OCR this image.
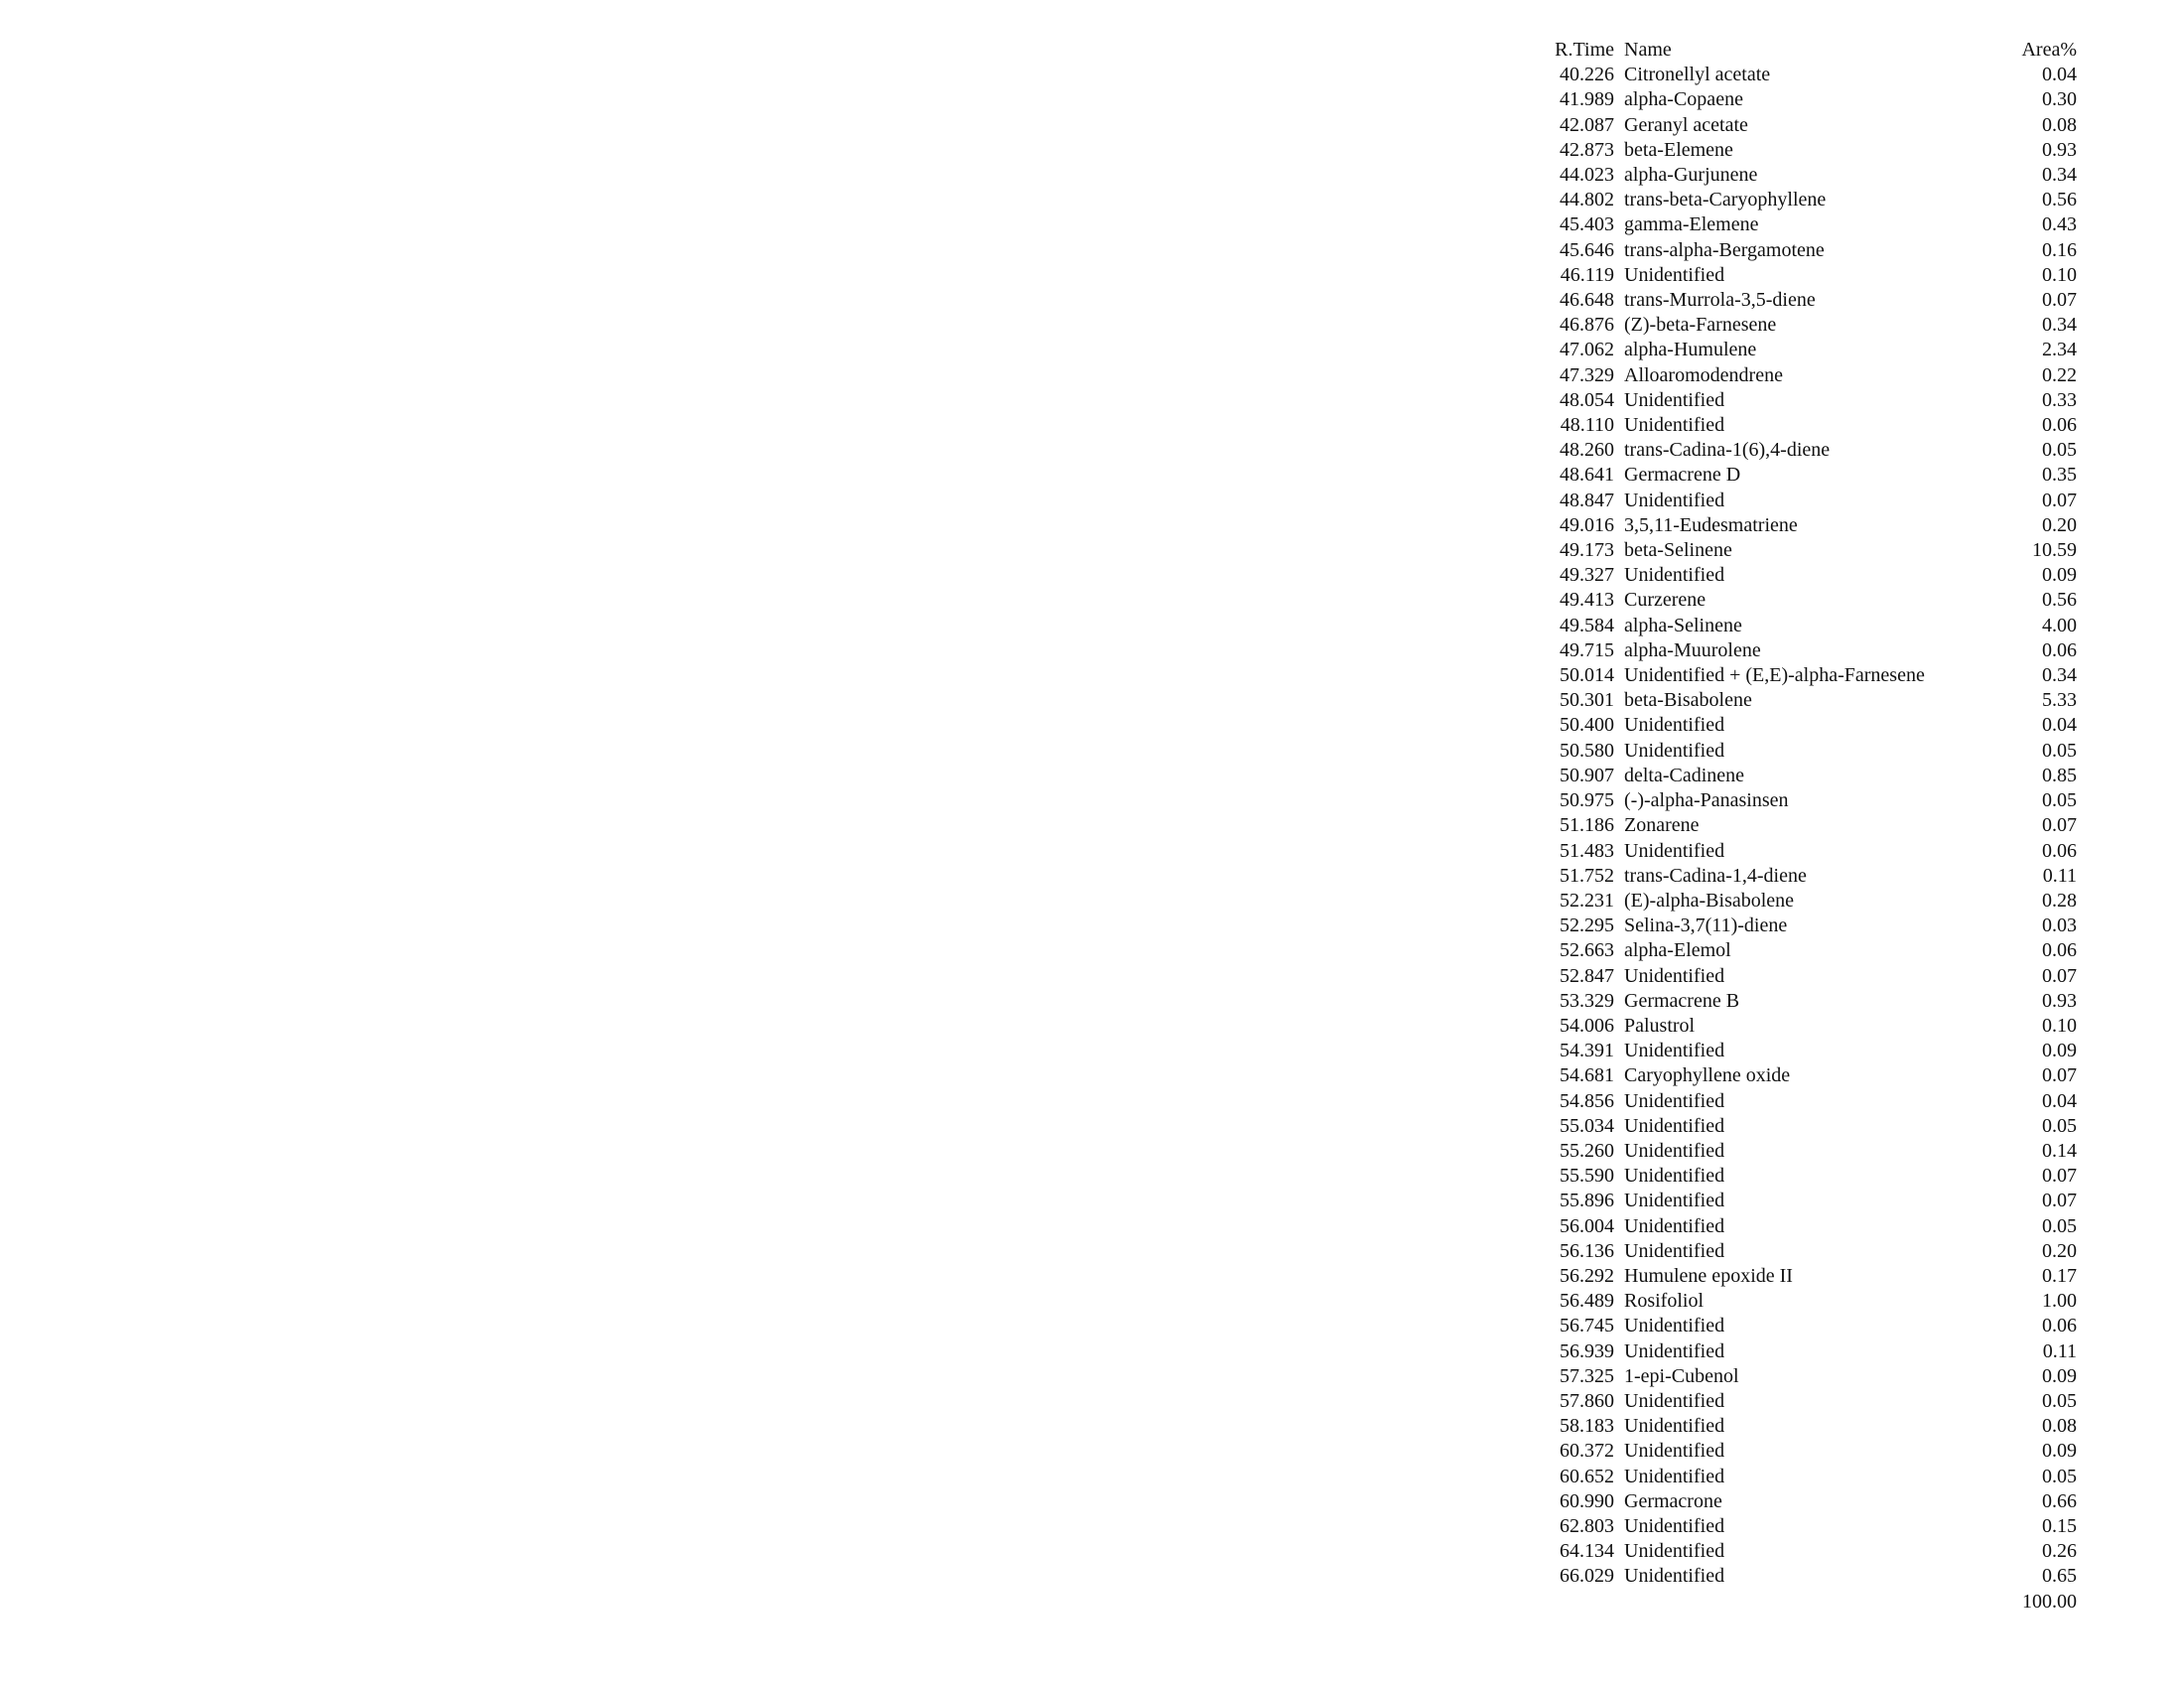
R.Time	Name	Area%
40.226	Citronellyl acetate	0.04
41.989	alpha-Copaene	0.30
42.087	Geranyl acetate	0.08
42.873	beta-Elemene	0.93
44.023	alpha-Gurjunene	0.34
44.802	trans-beta-Caryophyllene	0.56
45.403	gamma-Elemene	0.43
45.646	trans-alpha-Bergamotene	0.16
46.119	Unidentified	0.10
46.648	trans-Murrola-3,5-diene	0.07
46.876	(Z)-beta-Farnesene	0.34
47.062	alpha-Humulene	2.34
47.329	Alloaromodendrene	0.22
48.054	Unidentified	0.33
48.110	Unidentified	0.06
48.260	trans-Cadina-1(6),4-diene	0.05
48.641	Germacrene D	0.35
48.847	Unidentified	0.07
49.016	3,5,11-Eudesmatriene	0.20
49.173	beta-Selinene	10.59
49.327	Unidentified	0.09
49.413	Curzerene	0.56
49.584	alpha-Selinene	4.00
49.715	alpha-Muurolene	0.06
50.014	Unidentified + (E,E)-alpha-Farnesene	0.34
50.301	beta-Bisabolene	5.33
50.400	Unidentified	0.04
50.580	Unidentified	0.05
50.907	delta-Cadinene	0.85
50.975	(-)-alpha-Panasinsen	0.05
51.186	Zonarene	0.07
51.483	Unidentified	0.06
51.752	trans-Cadina-1,4-diene	0.11
52.231	(E)-alpha-Bisabolene	0.28
52.295	Selina-3,7(11)-diene	0.03
52.663	alpha-Elemol	0.06
52.847	Unidentified	0.07
53.329	Germacrene B	0.93
54.006	Palustrol	0.10
54.391	Unidentified	0.09
54.681	Caryophyllene oxide	0.07
54.856	Unidentified	0.04
55.034	Unidentified	0.05
55.260	Unidentified	0.14
55.590	Unidentified	0.07
55.896	Unidentified	0.07
56.004	Unidentified	0.05
56.136	Unidentified	0.20
56.292	Humulene epoxide II	0.17
56.489	Rosifoliol	1.00
56.745	Unidentified	0.06
56.939	Unidentified	0.11
57.325	1-epi-Cubenol	0.09
57.860	Unidentified	0.05
58.183	Unidentified	0.08
60.372	Unidentified	0.09
60.652	Unidentified	0.05
60.990	Germacrone	0.66
62.803	Unidentified	0.15
64.134	Unidentified	0.26
66.029	Unidentified	0.65
		100.00
